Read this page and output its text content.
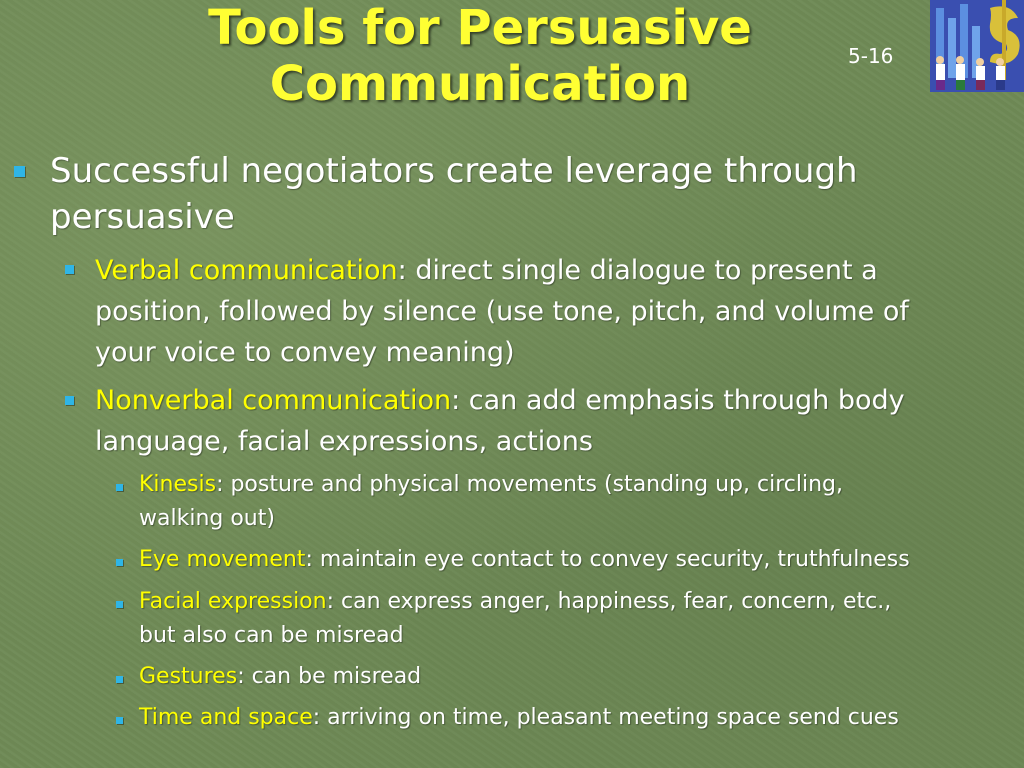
Tools for Persuasive
Communication	5-16
Successful negotiators create leverage through
persuasive
Verbal communication: direct single dialogue to present a
position, followed by silence (use tone, pitch, and volume of
your voice to convey meaning)
Nonverbal communication: can add emphasis through body
language, facial expressions, actions
Kinesis: posture and physical movements (standing up, circling,
walking out)
Eye movement: maintain eye contact to convey security, truthfulness
Facial expression: can express anger, happiness, fear, concern, etc.,
but also can be misread
Gestures: can be misread
Time and space: arriving on time, pleasant meeting space send cues
